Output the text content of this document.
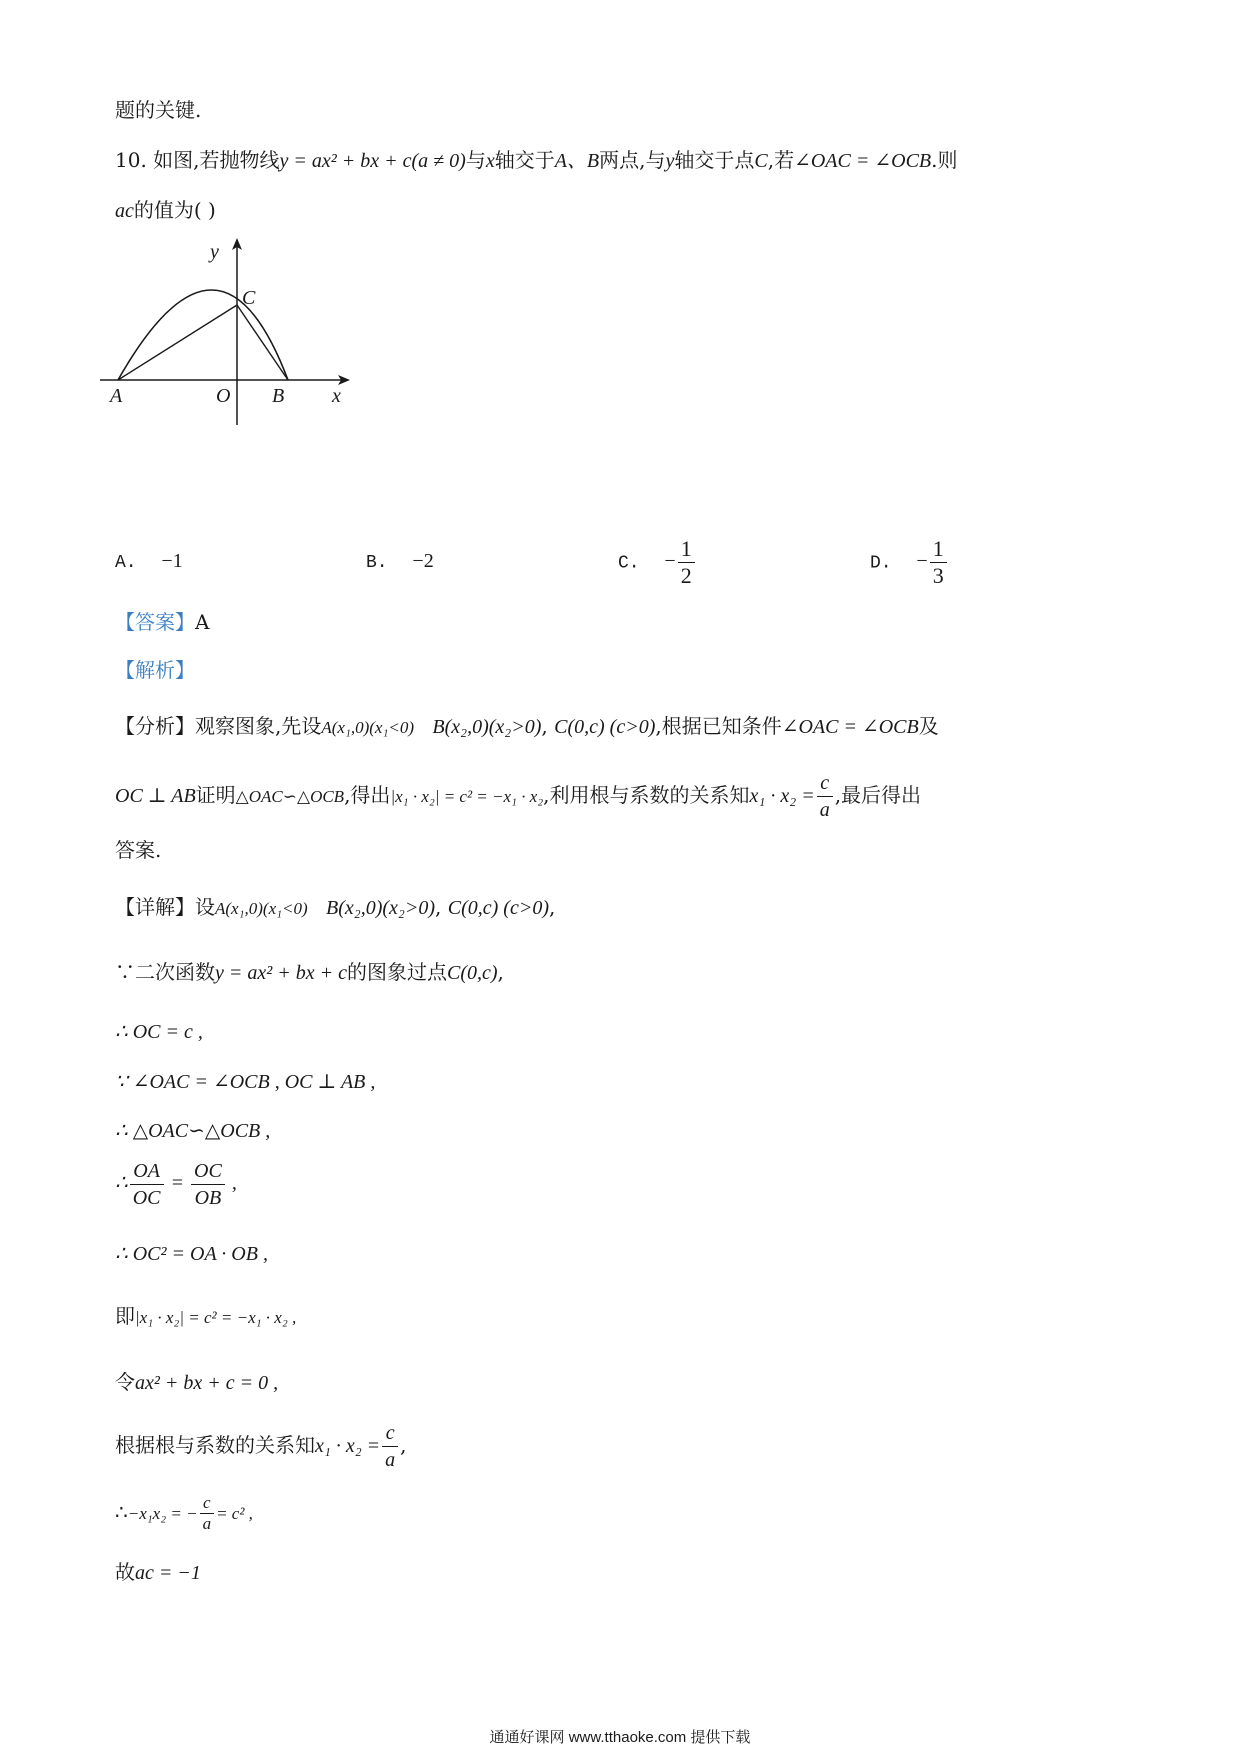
题的关键.
10. 如图,若抛物线y = ax² + bx + c(a ≠ 0)与x轴交于A、B两点,与y轴交于点C,若∠OAC = ∠OCB.则
ac的值为( )
y
C
A	O B x
A. −1	B. −2	C. − $\frac{1}{2}$	D. − $\frac{1}{3}$
【答案】A
【解析】
【分析】观察图象,先设A(x₁,0)(x₁<0) B(x₂,0)(x₂>0), C(0,c) (c>0),根据已知条件∠OAC = ∠OCB及
OC ⊥ AB证明△OAC∽△OCB,得出|x₁ · x₂| = c² = −x₁ · x₂,利用根与系数的关系知$x_1 \cdot x_2 = \frac{c}{a}$ ,最后得出
答案.
【详解】设A(x₁,0)(x₁<0) B(x₂,0)(x₂>0), C(0,c) (c>0),
∵二次函数y = ax² + bx + c的图象过点C(0,c),
∴ OC = c ,
∵ ∠OAC = ∠OCB , OC ⊥ AB ,
∴ △OAC∽△OCB ,
∴ $\frac{OA}{OC} = \frac{OC}{OB}$ ,
∴ OC² = OA · OB ,
即|x₁ · x₂| = c² = −x₁ · x₂ ,
令ax² + bx + c = 0 ,
根据根与系数的关系知$x_1 \cdot x_2 = \frac{c}{a}$ ,
∴−x₁x₂ = − $\frac{c}{a} = c^2$ ,
故ac = −1
通通好课网 www.tthaoke.com 提供下载
